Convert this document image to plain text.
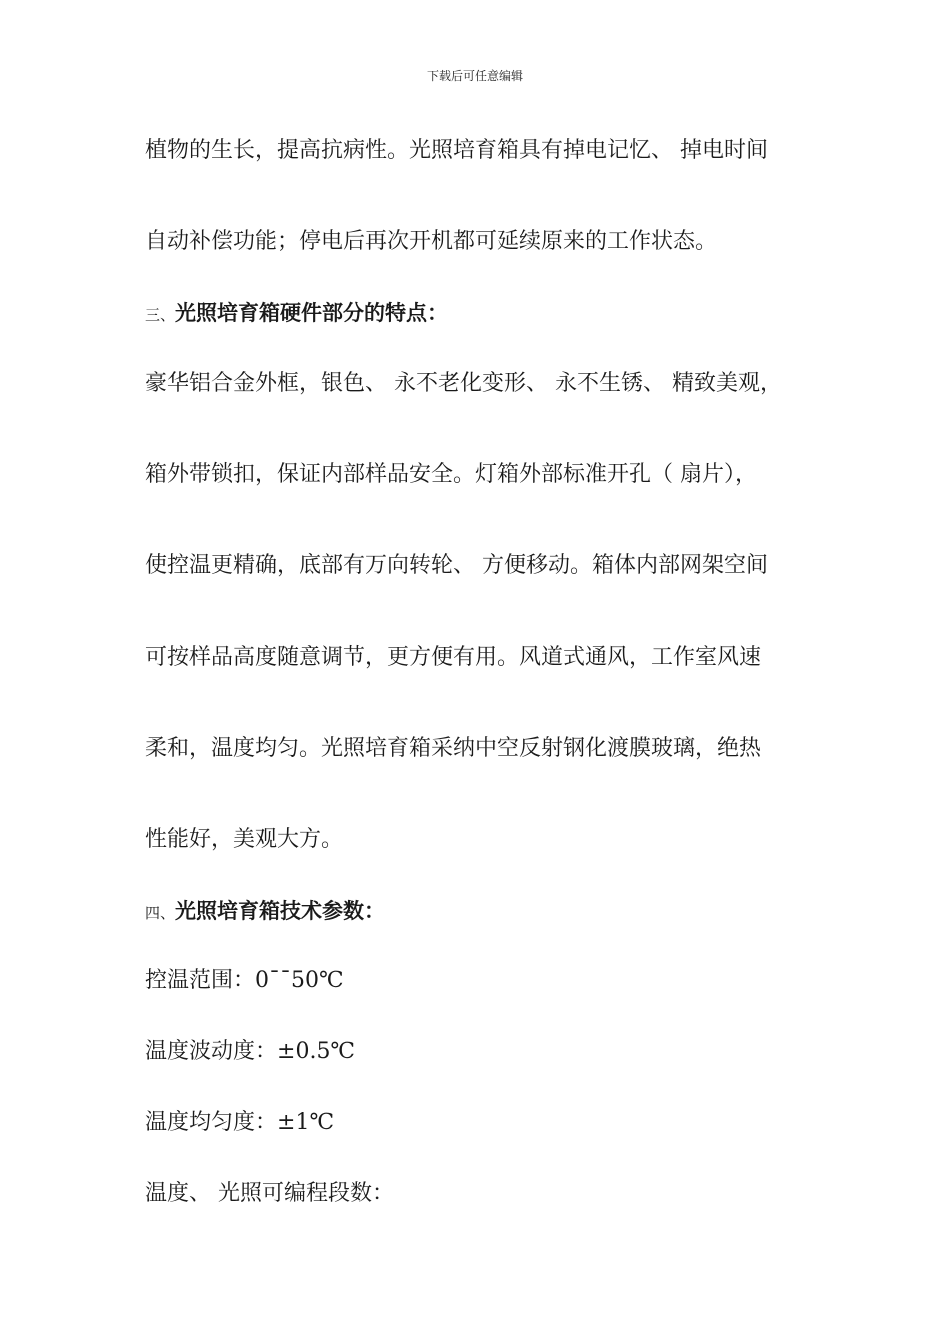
下载后可任意编辑
植物的生长，提高抗病性。光照培育箱具有掉电记忆、 掉电时间
自动补偿功能；停电后再次开机都可延续原来的工作状态。
三、光照培育箱硬件部分的特点：
豪华铝合金外框，银色、 永不老化变形、 永不生锈、 精致美观，
箱外带锁扣，保证内部样品安全。灯箱外部标准开孔（ 扇片），
使控温更精确，底部有万向转轮、 方便移动。箱体内部网架空间
可按样品高度随意调节，更方便有用。风道式通风，工作室风速
柔和，温度均匀。光照培育箱采纳中空反射钢化渡膜玻璃，绝热
性能好，美观大方。
四、光照培育箱技术参数：
控温范围：0¯¯50℃
温度波动度：±0.5℃
温度均匀度：±1℃
温度、 光照可编程段数：
